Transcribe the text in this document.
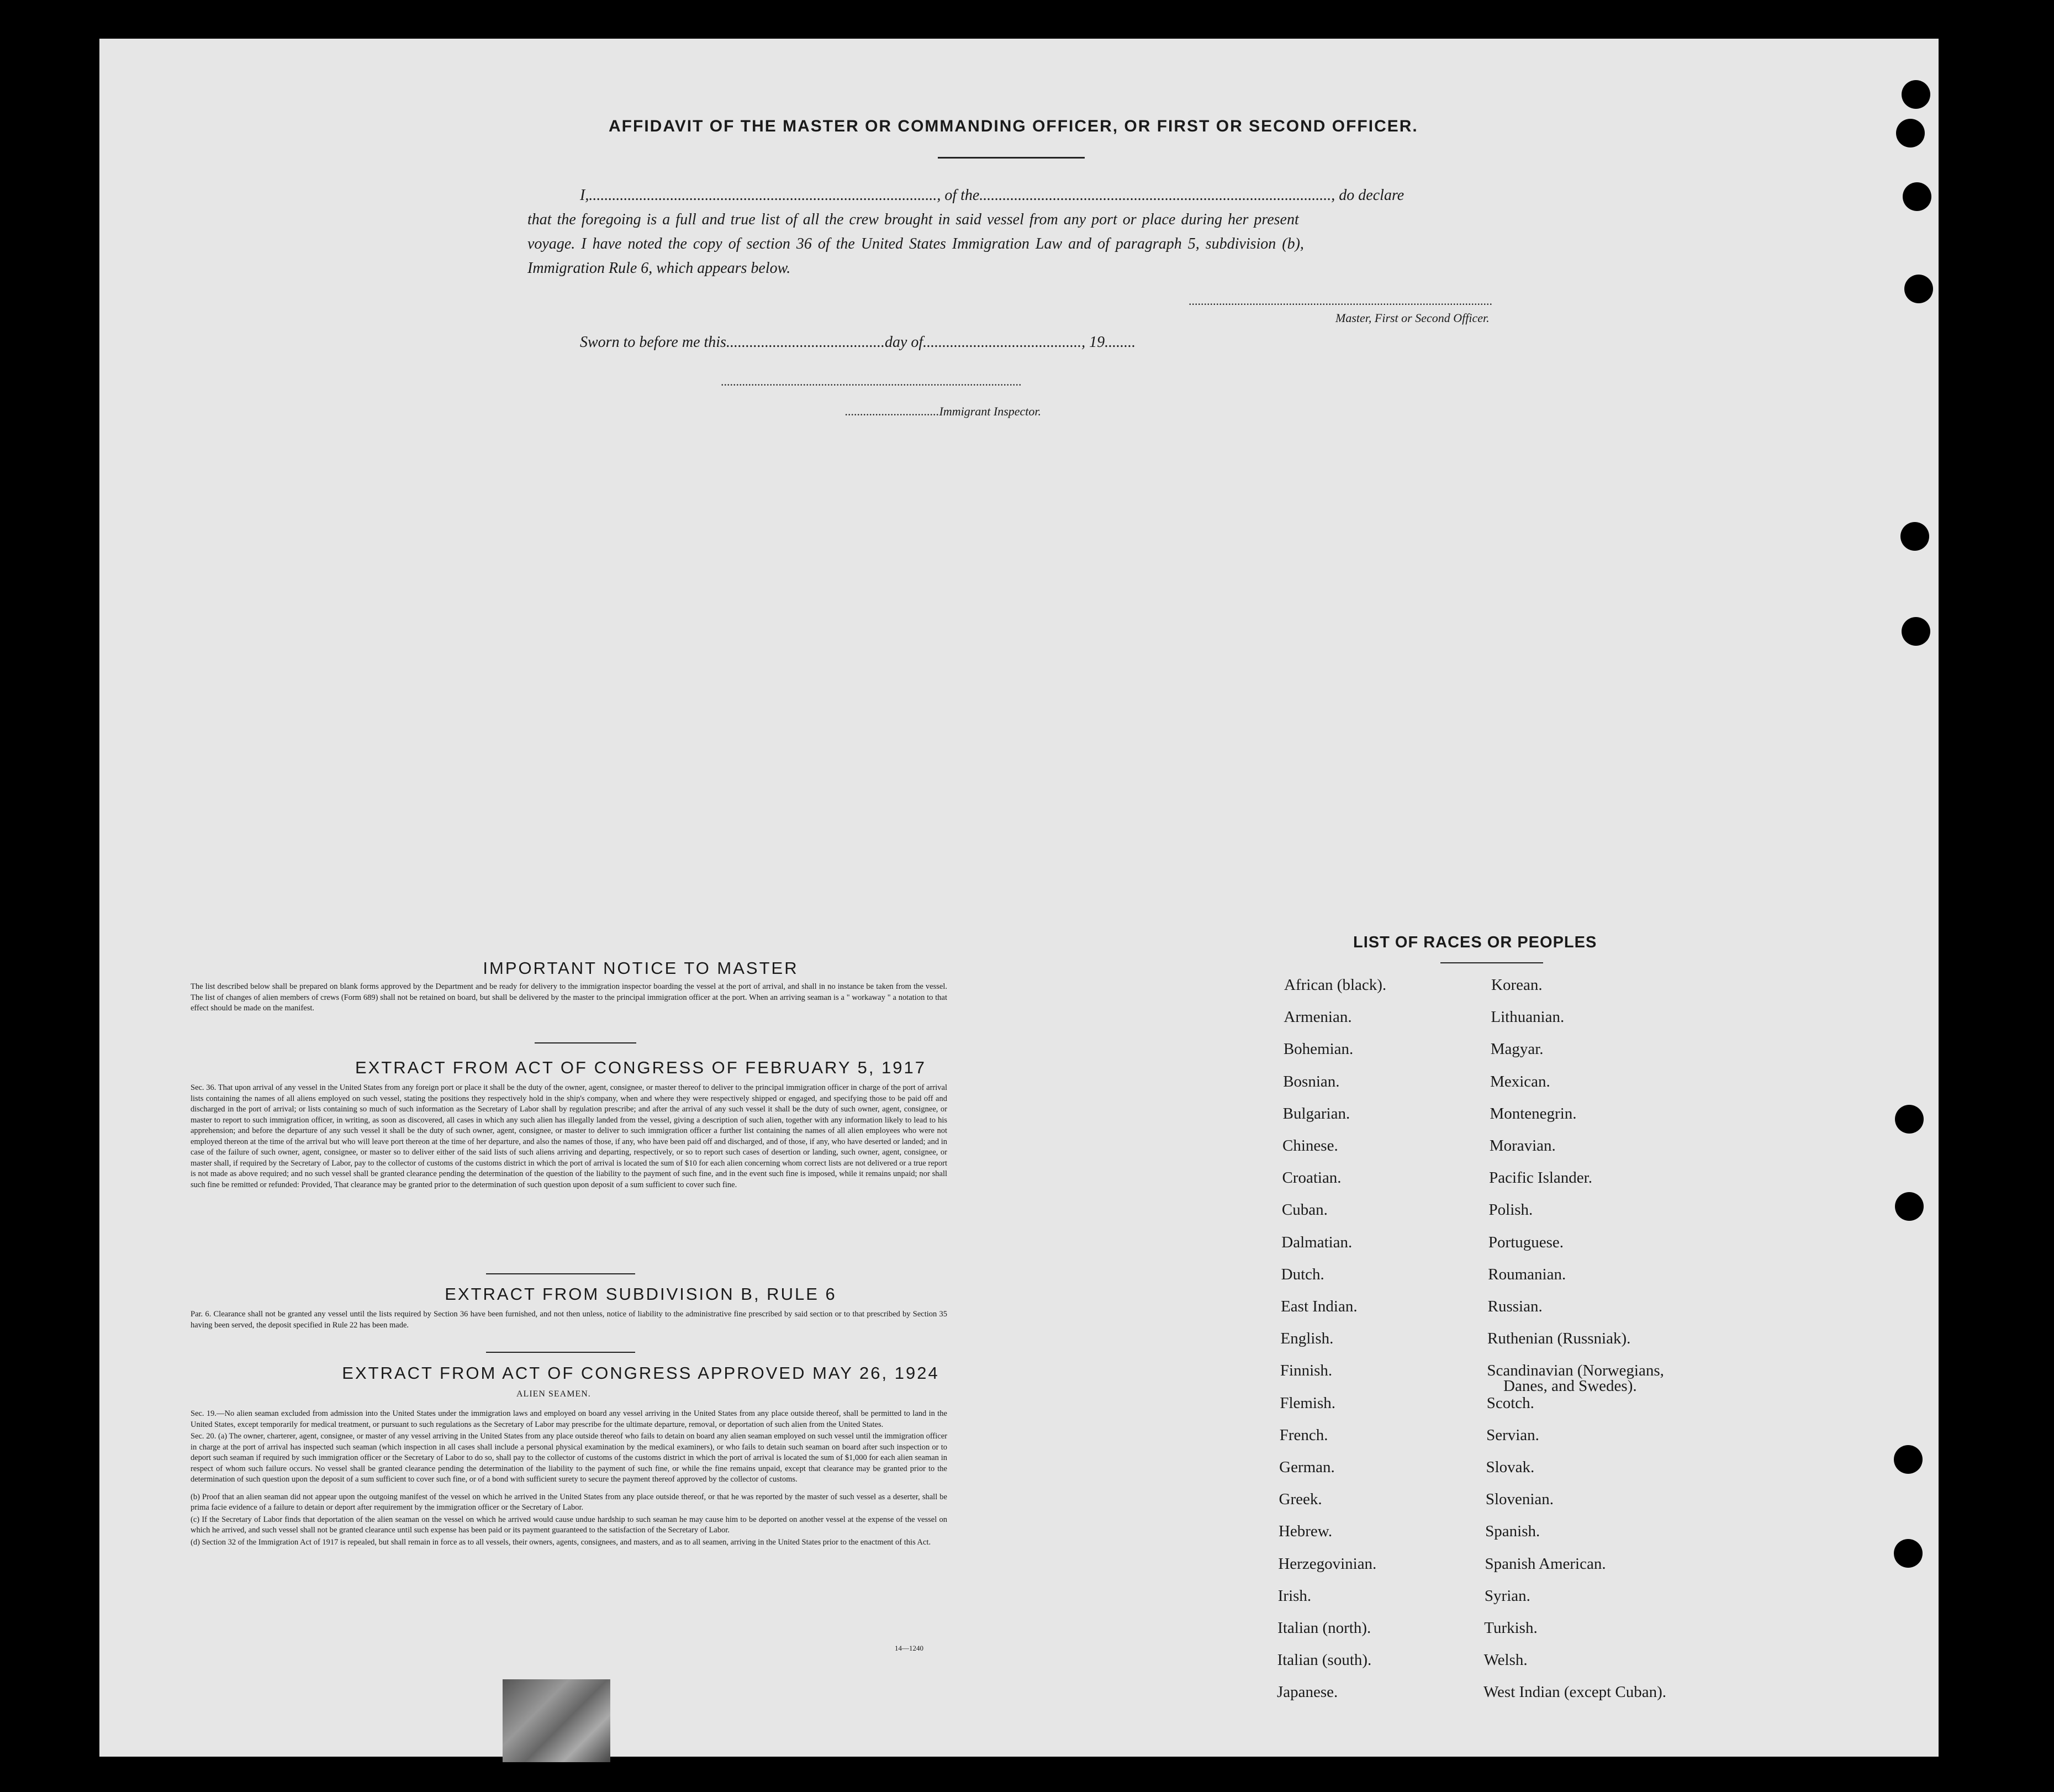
AFFIDAVIT OF THE MASTER OR COMMANDING OFFICER, OR FIRST OR SECOND OFFICER.
I,.........................................................................................., of the..........................................................................................., do declare
that the foregoing is a full and true list of all the crew brought in said vessel from any port or place during her present
voyage. I have noted the copy of section 36 of the United States Immigration Law and of paragraph 5, subdivision (b),
Immigration Rule 6, which appears below.
....................................................................................................
Master, First or Second Officer.
Sworn to before me this.........................................day of........................................., 19........
...................................................................................................
...............................Immigrant Inspector.
IMPORTANT NOTICE TO MASTER
The list described below shall be prepared on blank forms approved by the Department and be ready for delivery to the immigration inspector boarding the vessel at the port of arrival, and shall in no instance be taken from the vessel. The list of changes of alien members of crews (Form 689) shall not be retained on board, but shall be delivered by the master to the principal immigration officer at the port. When an arriving seaman is a " workaway " a notation to that effect should be made on the manifest.
EXTRACT FROM ACT OF CONGRESS OF FEBRUARY 5, 1917
Sec. 36. That upon arrival of any vessel in the United States from any foreign port or place it shall be the duty of the owner, agent, consignee, or master thereof to deliver to the principal immigration officer in charge of the port of arrival lists containing the names of all aliens employed on such vessel, stating the positions they respectively hold in the ship's company, when and where they were respectively shipped or engaged, and specifying those to be paid off and discharged in the port of arrival; or lists containing so much of such information as the Secretary of Labor shall by regulation prescribe; and after the arrival of any such vessel it shall be the duty of such owner, agent, consignee, or master to report to such immigration officer, in writing, as soon as discovered, all cases in which any such alien has illegally landed from the vessel, giving a description of such alien, together with any information likely to lead to his apprehension; and before the departure of any such vessel it shall be the duty of such owner, agent, consignee, or master to deliver to such immigration officer a further list containing the names of all alien employees who were not employed thereon at the time of the arrival but who will leave port thereon at the time of her departure, and also the names of those, if any, who have been paid off and discharged, and of those, if any, who have deserted or landed; and in case of the failure of such owner, agent, consignee, or master so to deliver either of the said lists of such aliens arriving and departing, respectively, or so to report such cases of desertion or landing, such owner, agent, consignee, or master shall, if required by the Secretary of Labor, pay to the collector of customs of the customs district in which the port of arrival is located the sum of $10 for each alien concerning whom correct lists are not delivered or a true report is not made as above required; and no such vessel shall be granted clearance pending the determination of the question of the liability to the payment of such fine, and in the event such fine is imposed, while it remains unpaid; nor shall such fine be remitted or refunded: Provided, That clearance may be granted prior to the determination of such question upon deposit of a sum sufficient to cover such fine.
EXTRACT FROM SUBDIVISION B, RULE 6
Par. 6. Clearance shall not be granted any vessel until the lists required by Section 36 have been furnished, and not then unless, notice of liability to the administrative fine prescribed by said section or to that prescribed by Section 35 having been served, the deposit specified in Rule 22 has been made.
EXTRACT FROM ACT OF CONGRESS APPROVED MAY 26, 1924
ALIEN SEAMEN.

Sec. 19.—No alien seaman excluded from admission into the United States under the immigration laws and employed on board any vessel arriving in the United States from any place outside thereof, shall be permitted to land in the United States, except temporarily for medical treatment, or pursuant to such regulations as the Secretary of Labor may prescribe for the ultimate departure, removal, or deportation of such alien from the United States.

Sec. 20. (a) The owner, charterer, agent, consignee, or master of any vessel arriving in the United States from any place outside thereof who fails to detain on board any alien seaman employed on such vessel until the immigration officer in charge at the port of arrival has inspected such seaman (which inspection in all cases shall include a personal physical examination by the medical examiners), or who fails to detain such seaman on board after such inspection or to deport such seaman if required by such immigration officer or the Secretary of Labor to do so, shall pay to the collector of customs of the customs district in which the port of arrival is located the sum of $1,000 for each alien seaman in respect of whom such failure occurs. No vessel shall be granted clearance pending the determination of the liability to the payment of such fine, or while the fine remains unpaid, except that clearance may be granted prior to the determination of such question upon the deposit of a sum sufficient to cover such fine, or of a bond with sufficient surety to secure the payment thereof approved by the collector of customs.

(b) Proof that an alien seaman did not appear upon the outgoing manifest of the vessel on which he arrived in the United States from any place outside thereof, or that he was reported by the master of such vessel as a deserter, shall be prima facie evidence of a failure to detain or deport after requirement by the immigration officer or the Secretary of Labor.

(c) If the Secretary of Labor finds that deportation of the alien seaman on the vessel on which he arrived would cause undue hardship to such seaman he may cause him to be deported on another vessel at the expense of the vessel on which he arrived, and such vessel shall not be granted clearance until such expense has been paid or its payment guaranteed to the satisfaction of the Secretary of Labor.

(d) Section 32 of the Immigration Act of 1917 is repealed, but shall remain in force as to all vessels, their owners, agents, consignees, and masters, and as to all seamen, arriving in the United States prior to the enactment of this Act.

14—1240
LIST OF RACES OR PEOPLES
African (black).
Armenian.
Bohemian.
Bosnian.
Bulgarian.
Chinese.
Croatian.
Cuban.
Dalmatian.
Dutch.
East Indian.
English.
Finnish.
Flemish.
French.
German.
Greek.
Hebrew.
Herzegovinian.
Irish.
Italian (north).
Italian (south).
Japanese.
Korean.
Lithuanian.
Magyar.
Mexican.
Montenegrin.
Moravian.
Pacific Islander.
Polish.
Portuguese.
Roumanian.
Russian.
Ruthenian (Russniak).
Scandinavian (Norwegians,
Scotch.
Servian.
Slovak.
Slovenian.
Spanish.
Spanish American.
Syrian.
Turkish.
Welsh.
West Indian (except Cuban).
Danes, and Swedes).
